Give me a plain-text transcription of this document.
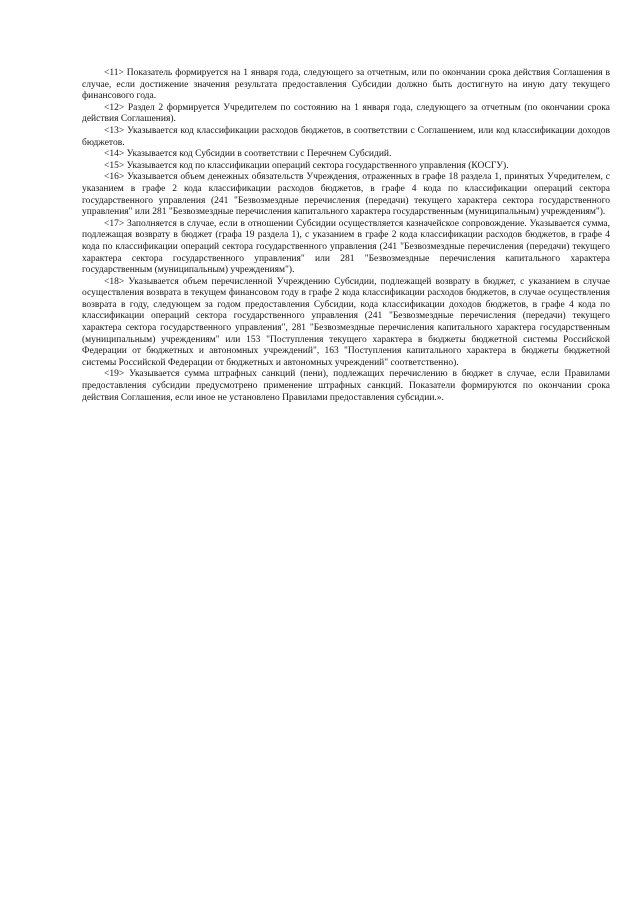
<11> Показатель формируется на 1 января года, следующего за отчетным, или по окончании срока действия Соглашения в случае, если достижение значения результата предоставления Субсидии должно быть достигнуто на иную дату текущего финансового года.

<12> Раздел 2 формируется Учредителем по состоянию на 1 января года, следующего за отчетным (по окончании срока действия Соглашения).

<13> Указывается код классификации расходов бюджетов, в соответствии с Соглашением, или код классификации доходов бюджетов.

<14> Указывается код Субсидии в соответствии с Перечнем Субсидий.

<15> Указывается код по классификации операций сектора государственного управления (КОСГУ).

<16> Указывается объем денежных обязательств Учреждения, отраженных в графе 18 раздела 1, принятых Учредителем, с указанием в графе 2 кода классификации расходов бюджетов, в графе 4 кода по классификации операций сектора государственного управления (241 "Безвозмездные перечисления (передачи) текущего характера сектора государственного управления" или 281 "Безвозмездные перечисления капитального характера государственным (муниципальным) учреждениям").

<17> Заполняется в случае, если в отношении Субсидии осуществляется казначейское сопровождение. Указывается сумма, подлежащая возврату в бюджет (графа 19 раздела 1), с указанием в графе 2 кода классификации расходов бюджетов, в графе 4 кода по классификации операций сектора государственного управления (241 "Безвозмездные перечисления (передачи) текущего характера сектора государственного управления" или 281 "Безвозмездные перечисления капитального характера государственным (муниципальным) учреждениям").

<18> Указывается объем перечисленной Учреждению Субсидии, подлежащей возврату в бюджет, с указанием в случае осуществления возврата в текущем финансовом году в графе 2 кода классификации расходов бюджетов, в случае осуществления возврата в году, следующем за годом предоставления Субсидии, кода классификации доходов бюджетов, в графе 4 кода по классификации операций сектора государственного управления (241 "Безвозмездные перечисления (передачи) текущего характера сектора государственного управления", 281 "Безвозмездные перечисления капитального характера государственным (муниципальным) учреждениям" или 153 "Поступления текущего характера в бюджеты бюджетной системы Российской Федерации от бюджетных и автономных учреждений", 163 "Поступления капитального характера в бюджеты бюджетной системы Российской Федерации от бюджетных и автономных учреждений" соответственно).

<19> Указывается сумма штрафных санкций (пени), подлежащих перечислению в бюджет в случае, если Правилами предоставления субсидии предусмотрено применение штрафных санкций. Показатели формируются по окончании срока действия Соглашения, если иное не установлено Правилами предоставления субсидии.».
